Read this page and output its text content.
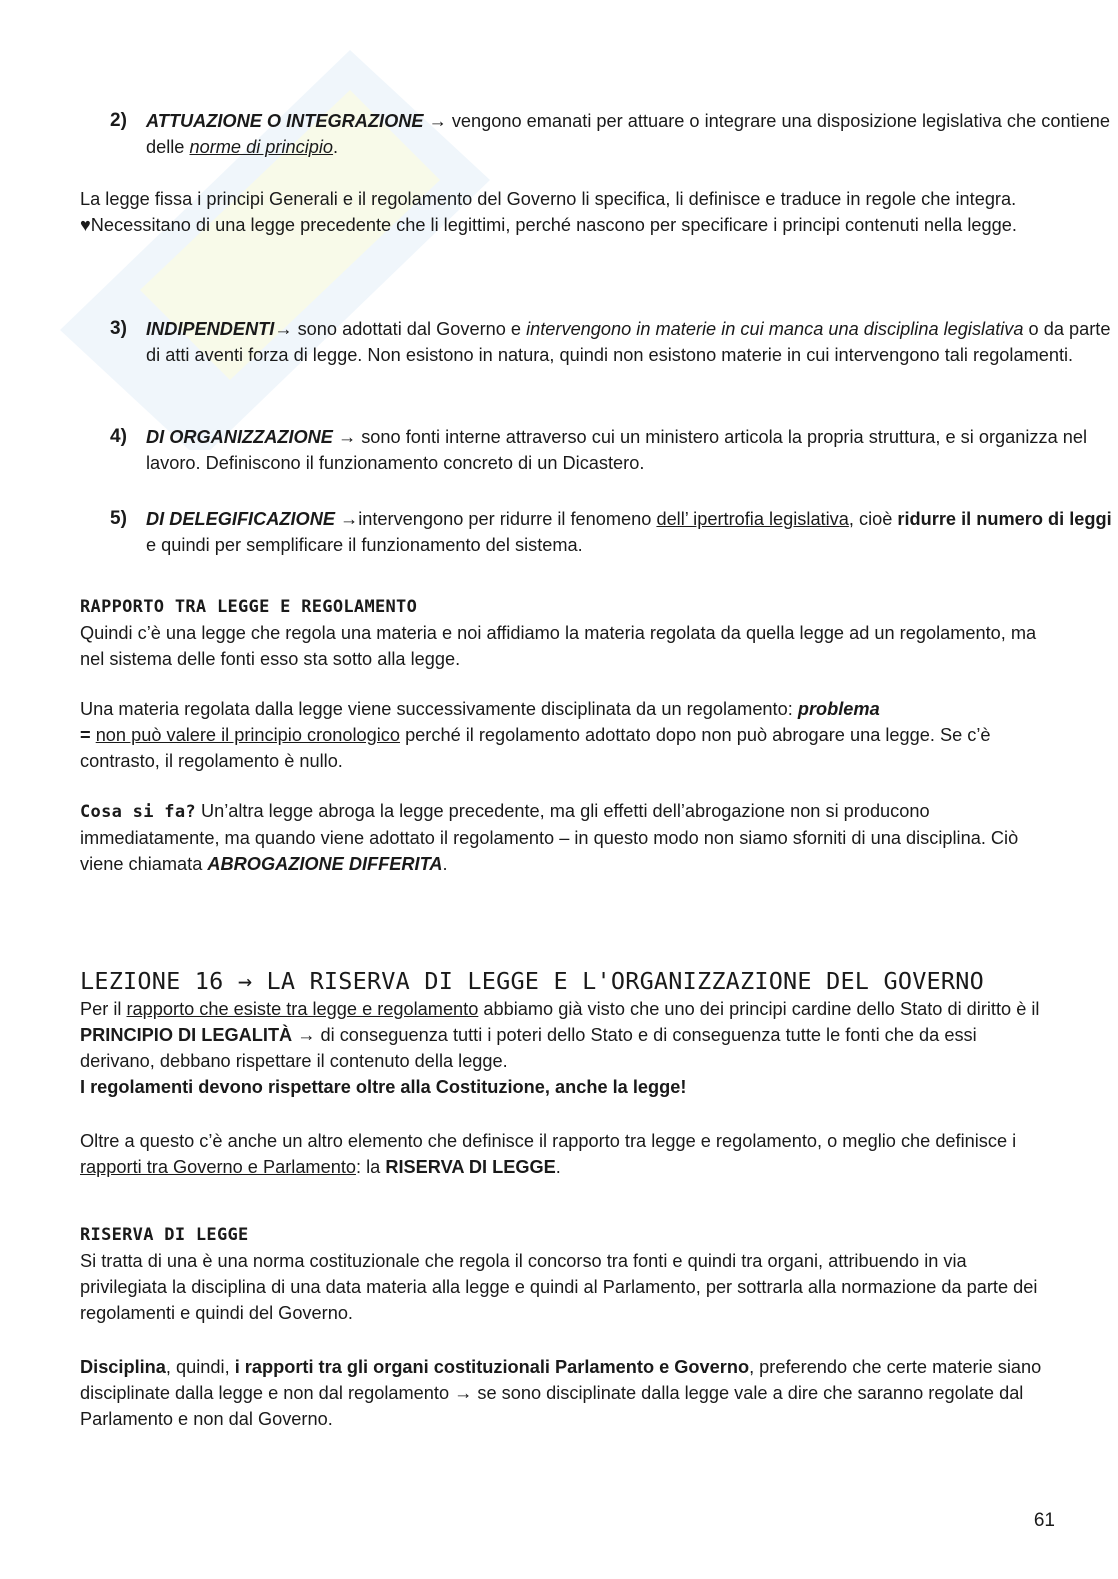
2) ATTUAZIONE O INTEGRAZIONE → vengono emanati per attuare o integrare una disposizione legislativa che contiene delle norme di principio.

La legge fissa i principi Generali e il regolamento del Governo li specifica, li definisce e traduce in regole che integra.

♥Necessitano di una legge precedente che li legittimi, perché nascono per specificare i principi contenuti nella legge.

3) INDIPENDENTI→ sono adottati dal Governo e intervengono in materie in cui manca una disciplina legislativa o da parte di atti aventi forza di legge. Non esistono in natura, quindi non esistono materie in cui intervengono tali regolamenti.
4) DI ORGANIZZAZIONE → sono fonti interne attraverso cui un ministero articola la propria struttura, e si organizza nel lavoro. Definiscono il funzionamento concreto di un Dicastero.
5) DI DELEGIFICAZIONE →intervengono per ridurre il fenomeno dell’ ipertrofia legislativa, cioè ridurre il numero di leggi e quindi per semplificare il funzionamento del sistema.

RAPPORTO TRA LEGGE E REGOLAMENTO

Quindi c’è una legge che regola una materia e noi affidiamo la materia regolata da quella legge ad un regolamento, ma nel sistema delle fonti esso sta sotto alla legge.

Una materia regolata dalla legge viene successivamente disciplinata da un regolamento: problema
= non può valere il principio cronologico perché il regolamento adottato dopo non può abrogare una legge. Se c’è contrasto, il regolamento è nullo.

Cosa si fa? Un’altra legge abroga la legge precedente, ma gli effetti dell’abrogazione non si producono immediatamente, ma quando viene adottato il regolamento – in questo modo non siamo sforniti di una disciplina. Ciò viene chiamata ABROGAZIONE DIFFERITA.

LEZIONE 16 → LA RISERVA DI LEGGE E L'ORGANIZZAZIONE DEL GOVERNO

Per il rapporto che esiste tra legge e regolamento abbiamo già visto che uno dei principi cardine dello Stato di diritto è il PRINCIPIO DI LEGALITÀ → di conseguenza tutti i poteri dello Stato e di conseguenza tutte le fonti che da essi derivano, debbano rispettare il contenuto della legge.

I regolamenti devono rispettare oltre alla Costituzione, anche la legge!

Oltre a questo c’è anche un altro elemento che definisce il rapporto tra legge e regolamento, o meglio che definisce i rapporti tra Governo e Parlamento: la RISERVA DI LEGGE.

RISERVA DI LEGGE

Si tratta di una è una norma costituzionale che regola il concorso tra fonti e quindi tra organi, attribuendo in via privilegiata la disciplina di una data materia alla legge e quindi al Parlamento, per sottrarla alla normazione da parte dei regolamenti e quindi del Governo.

Disciplina, quindi, i rapporti tra gli organi costituzionali Parlamento e Governo, preferendo che certe materie siano disciplinate dalla legge e non dal regolamento → se sono disciplinate dalla legge vale a dire che saranno regolate dal Parlamento e non dal Governo.

61
